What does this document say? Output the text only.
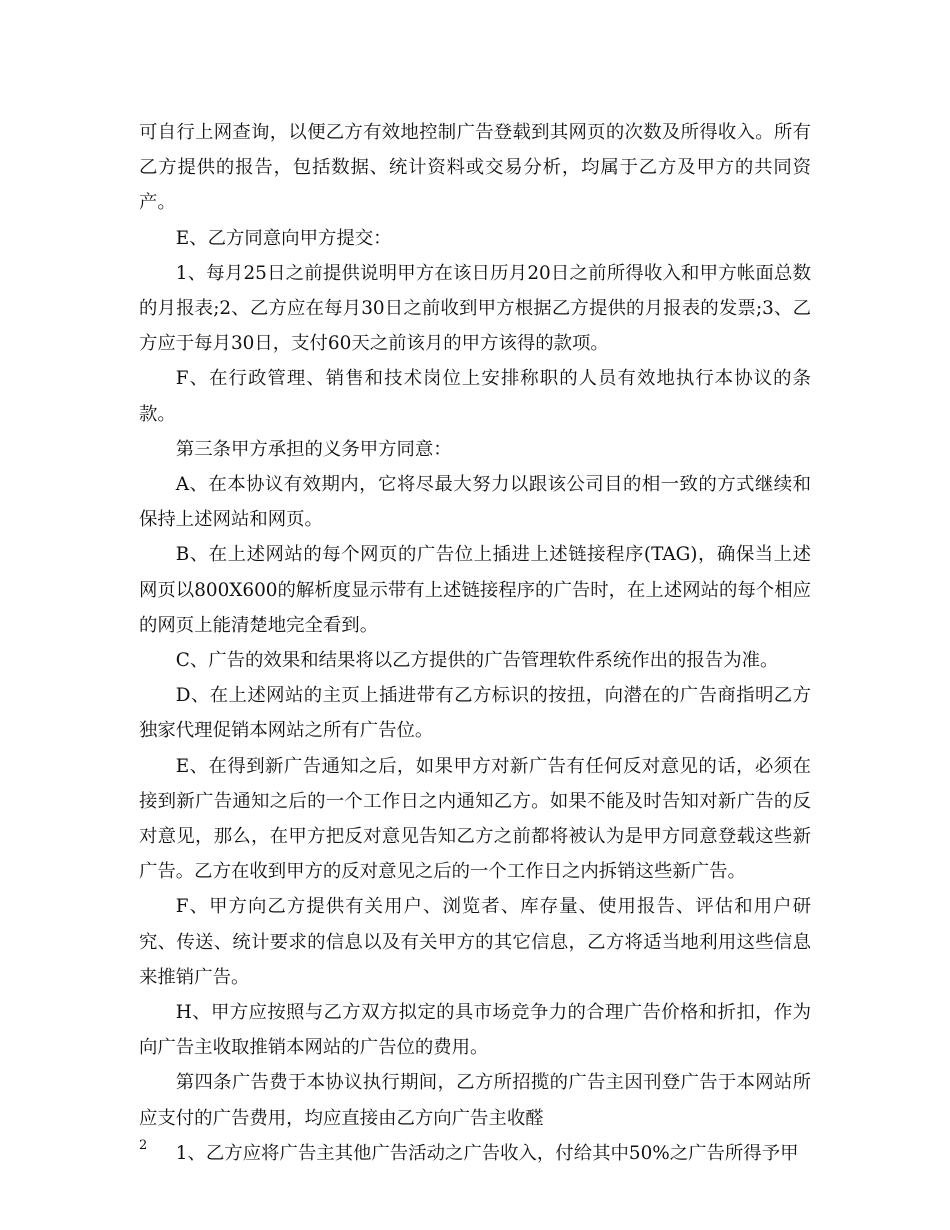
可自行上网查询，以便乙方有效地控制广告登载到其网页的次数及所得收入。所有乙方提供的报告，包括数据、统计资料或交易分析，均属于乙方及甲方的共同资产。

E、乙方同意向甲方提交：

1、每月25日之前提供说明甲方在该日历月20日之前所得收入和甲方帐面总数的月报表;2、乙方应在每月30日之前收到甲方根据乙方提供的月报表的发票;3、乙方应于每月30日，支付60天之前该月的甲方该得的款项。

F、在行政管理、销售和技术岗位上安排称职的人员有效地执行本协议的条款。

第三条甲方承担的义务甲方同意：

A、在本协议有效期内，它将尽最大努力以跟该公司目的相一致的方式继续和保持上述网站和网页。

B、在上述网站的每个网页的广告位上插进上述链接程序(TAG)，确保当上述网页以800X600的解析度显示带有上述链接程序的广告时，在上述网站的每个相应的网页上能清楚地完全看到。

C、广告的效果和结果将以乙方提供的广告管理软件系统作出的报告为准。

D、在上述网站的主页上插进带有乙方标识的按扭，向潜在的广告商指明乙方独家代理促销本网站之所有广告位。

E、在得到新广告通知之后，如果甲方对新广告有任何反对意见的话，必须在接到新广告通知之后的一个工作日之内通知乙方。如果不能及时告知对新广告的反对意见，那么，在甲方把反对意见告知乙方之前都将被认为是甲方同意登载这些新广告。乙方在收到甲方的反对意见之后的一个工作日之内拆销这些新广告。

F、甲方向乙方提供有关用户、浏览者、库存量、使用报告、评估和用户研究、传送、统计要求的信息以及有关甲方的其它信息，乙方将适当地利用这些信息来推销广告。

H、甲方应按照与乙方双方拟定的具市场竞争力的合理广告价格和折扣，作为向广告主收取推销本网站的广告位的费用。

第四条广告费于本协议执行期间，乙方所招揽的广告主因刊登广告于本网站所应支付的广告费用，均应直接由乙方向广告主收醛

1、乙方应将广告主其他广告活动之广告收入，付给其中50%之广告所得予甲

2
